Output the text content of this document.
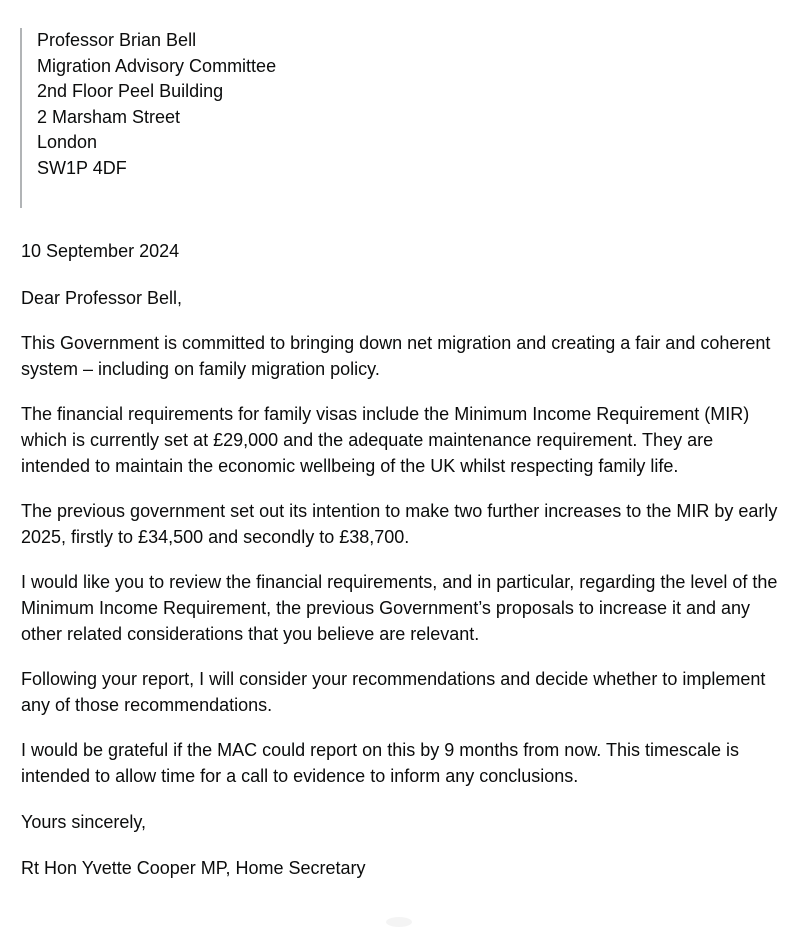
Professor Brian Bell
Migration Advisory Committee
2nd Floor Peel Building
2 Marsham Street
London
SW1P 4DF

10 September 2024

Dear Professor Bell,

This Government is committed to bringing down net migration and creating a fair and coherent system – including on family migration policy.

The financial requirements for family visas include the Minimum Income Requirement (MIR) which is currently set at £29,000 and the adequate maintenance requirement. They are intended to maintain the economic wellbeing of the UK whilst respecting family life.

The previous government set out its intention to make two further increases to the MIR by early 2025, firstly to £34,500 and secondly to £38,700.

I would like you to review the financial requirements, and in particular, regarding the level of the Minimum Income Requirement, the previous Government’s proposals to increase it and any other related considerations that you believe are relevant.

Following your report, I will consider your recommendations and decide whether to implement any of those recommendations.

I would be grateful if the MAC could report on this by 9 months from now. This timescale is intended to allow time for a call to evidence to inform any conclusions.

Yours sincerely,

Rt Hon Yvette Cooper MP, Home Secretary
